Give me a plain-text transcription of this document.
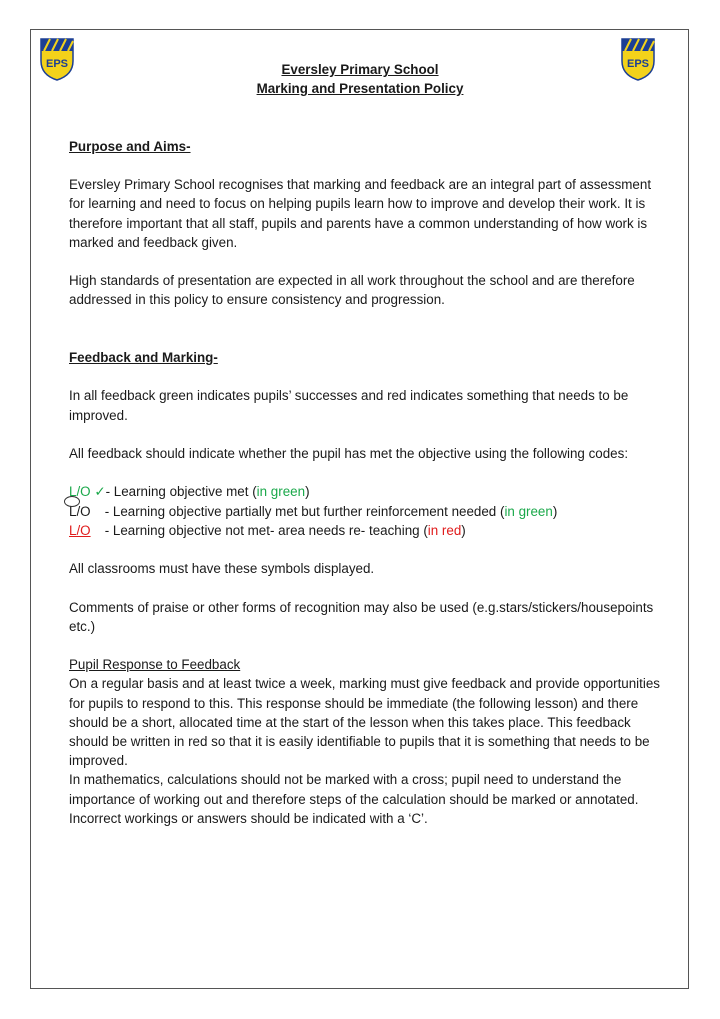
EPS	EPS

Eversley Primary School

Marking and Presentation Policy

Purpose and Aims-

Eversley Primary School recognises that marking and feedback are an integral part of assessment for learning and need to focus on helping pupils learn how to improve and develop their work. It is therefore important that all staff, pupils and parents have a common understanding of how work is marked and feedback given.

High standards of presentation are expected in all work throughout the school and are therefore addressed in this policy to ensure consistency and progression.

Feedback and Marking-

In all feedback green indicates pupils’ successes and red indicates something that needs to be improved.

All feedback should indicate whether the pupil has met the objective using the following codes:

L/O ✓- Learning objective met (in green)

L/O - Learning objective partially met but further reinforcement needed (in green)

L/O - Learning objective not met- area needs re- teaching (in red)

All classrooms must have these symbols displayed.

Comments of praise or other forms of recognition may also be used (e.g.stars/stickers/housepoints etc.)

Pupil Response to Feedback

On a regular basis and at least twice a week, marking must give feedback and provide opportunities for pupils to respond to this. This response should be immediate (the following lesson) and there should be a short, allocated time at the start of the lesson when this takes place. This feedback should be written in red so that it is easily identifiable to pupils that it is something that needs to be improved.

In mathematics, calculations should not be marked with a cross; pupil need to understand the importance of working out and therefore steps of the calculation should be marked or annotated. Incorrect workings or answers should be indicated with a ‘C’.
